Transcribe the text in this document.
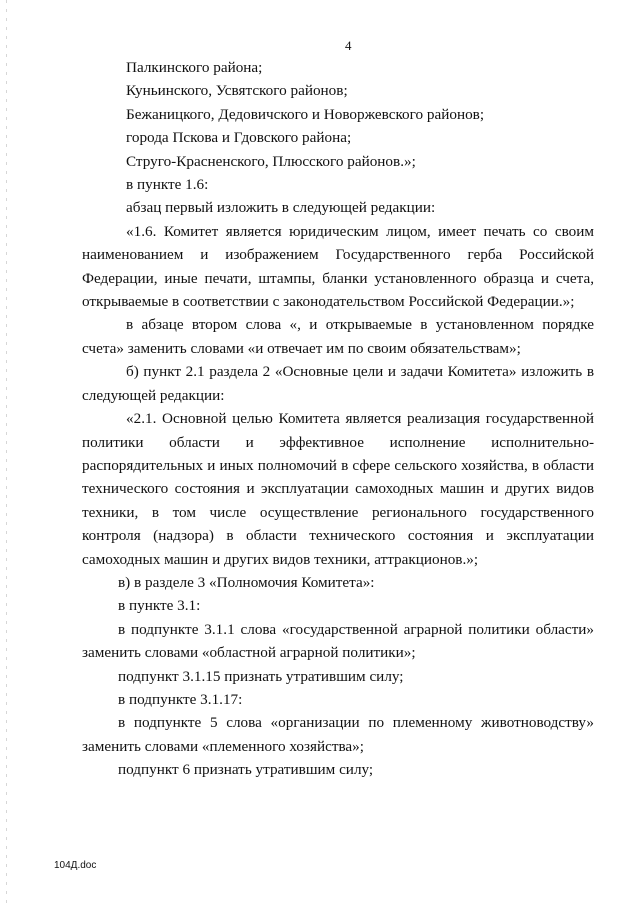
4

Палкинского района;

Куньинского, Усвятского районов;

Бежаницкого, Дедовичского и Новоржевского районов;

города Пскова и Гдовского района;

Струго-Красненского, Плюсского районов.»;

в пункте 1.6:

абзац первый изложить в следующей редакции:

«1.6. Комитет является юридическим лицом, имеет печать со своим наименованием и изображением Государственного герба Российской Федерации, иные печати, штампы, бланки установленного образца и счета, открываемые в соответствии с законодательством Российской Федерации.»;

в абзаце втором слова «, и открываемые в установленном порядке счета» заменить словами «и отвечает им по своим обязательствам»;

б) пункт 2.1 раздела 2 «Основные цели и задачи Комитета» изложить в следующей редакции:

«2.1. Основной целью Комитета является реализация государственной политики области и эффективное исполнение исполнительно-распорядительных и иных полномочий в сфере сельского хозяйства, в области технического состояния и эксплуатации самоходных машин и других видов техники, в том числе осуществление регионального государственного контроля (надзора) в области технического состояния и эксплуатации самоходных машин и других видов техники, аттракционов.»;

в) в разделе 3 «Полномочия Комитета»:

в пункте 3.1:

в подпункте 3.1.1 слова «государственной аграрной политики области» заменить словами «областной аграрной политики»;

подпункт 3.1.15 признать утратившим силу;

в подпункте 3.1.17:

в подпункте 5 слова «организации по племенному животноводству» заменить словами «племенного хозяйства»;

подпункт 6 признать утратившим силу;

104Д.doc
